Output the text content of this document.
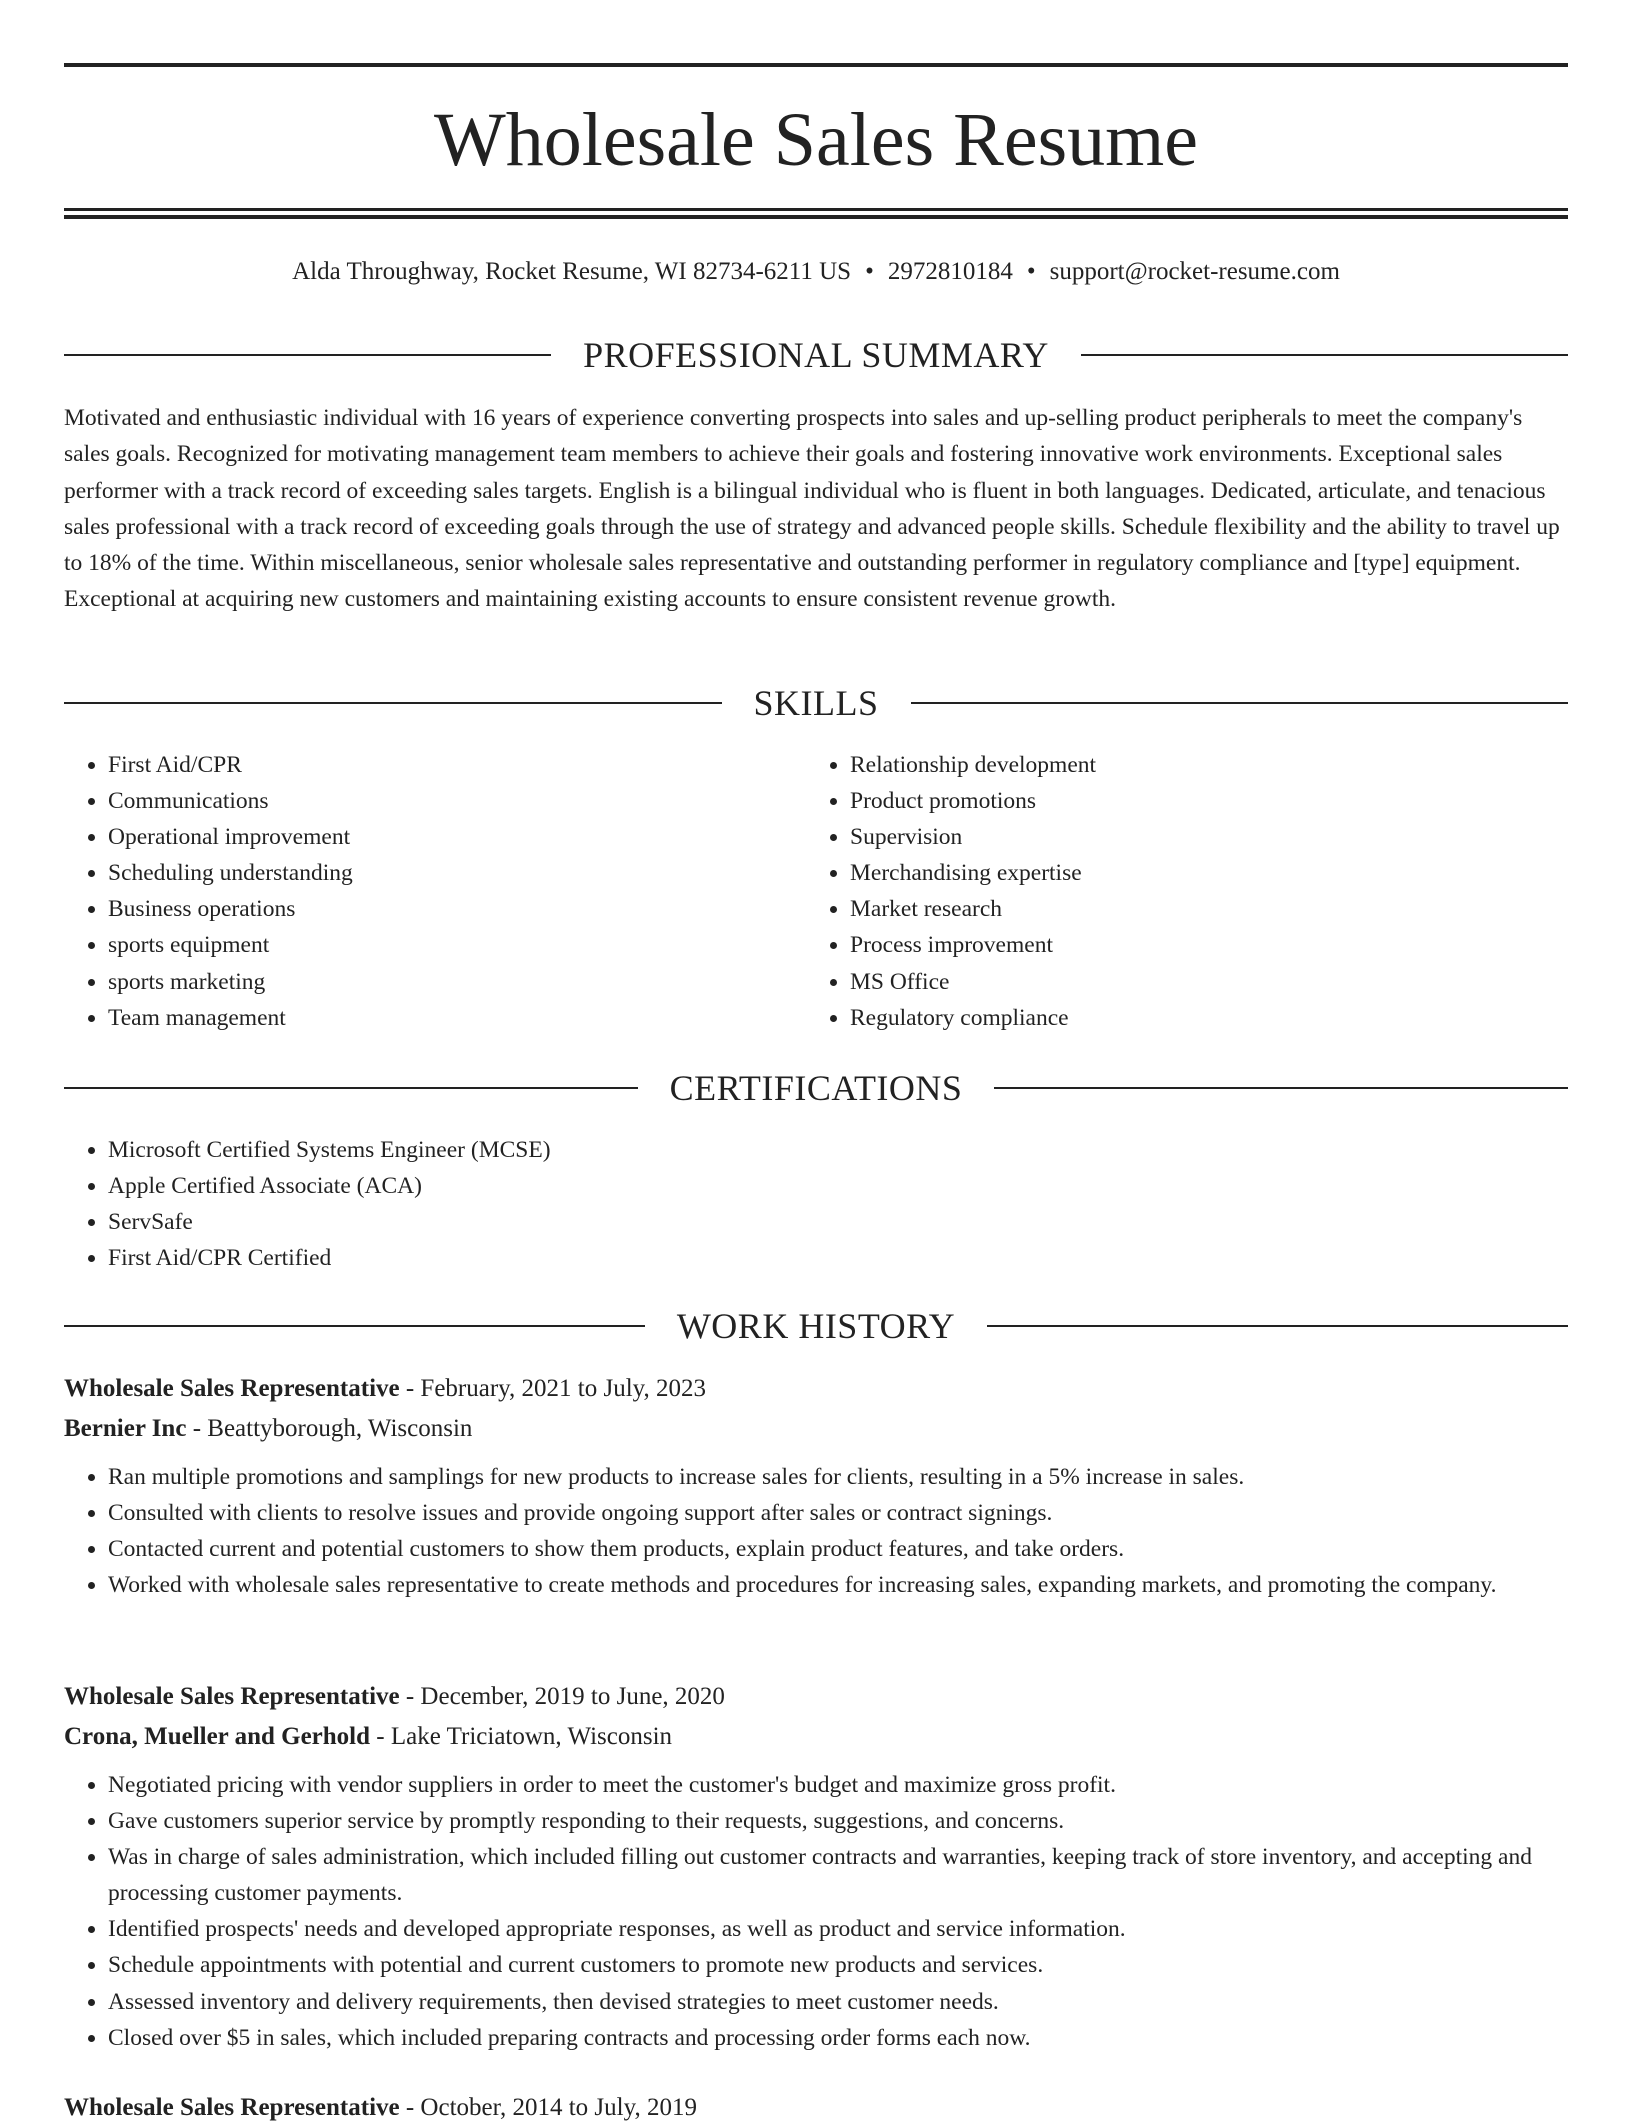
Wholesale Sales Resume
Alda Throughway, Rocket Resume, WI 82734-6211 US • 2972810184 • support@rocket-resume.com
PROFESSIONAL SUMMARY

Motivated and enthusiastic individual with 16 years of experience converting prospects into sales and up-selling product peripherals to meet the company's sales goals. Recognized for motivating management team members to achieve their goals and fostering innovative work environments. Exceptional sales performer with a track record of exceeding sales targets. English is a bilingual individual who is fluent in both languages. Dedicated, articulate, and tenacious sales professional with a track record of exceeding goals through the use of strategy and advanced people skills. Schedule flexibility and the ability to travel up to 18% of the time. Within miscellaneous, senior wholesale sales representative and outstanding performer in regulatory compliance and [type] equipment. Exceptional at acquiring new customers and maintaining existing accounts to ensure consistent revenue growth.

SKILLS
• First Aid/CPR
• Communications
• Operational improvement
• Scheduling understanding
• Business operations
• sports equipment
• sports marketing
• Team management
• Relationship development
• Product promotions
• Supervision
• Merchandising expertise
• Market research
• Process improvement
• MS Office
• Regulatory compliance
CERTIFICATIONS
• Microsoft Certified Systems Engineer (MCSE)
• Apple Certified Associate (ACA)
• ServSafe
• First Aid/CPR Certified
WORK HISTORY

Wholesale Sales Representative - February, 2021 to July, 2023

Bernier Inc - Beattyborough, Wisconsin

• Ran multiple promotions and samplings for new products to increase sales for clients, resulting in a 5% increase in sales.
• Consulted with clients to resolve issues and provide ongoing support after sales or contract signings.
• Contacted current and potential customers to show them products, explain product features, and take orders.
• Worked with wholesale sales representative to create methods and procedures for increasing sales, expanding markets, and promoting the company.

Wholesale Sales Representative - December, 2019 to June, 2020

Crona, Mueller and Gerhold - Lake Triciatown, Wisconsin

• Negotiated pricing with vendor suppliers in order to meet the customer's budget and maximize gross profit.
• Gave customers superior service by promptly responding to their requests, suggestions, and concerns.
• Was in charge of sales administration, which included filling out customer contracts and warranties, keeping track of store inventory, and accepting and processing customer payments.
• Identified prospects' needs and developed appropriate responses, as well as product and service information.
• Schedule appointments with potential and current customers to promote new products and services.
• Assessed inventory and delivery requirements, then devised strategies to meet customer needs.
• Closed over $5 in sales, which included preparing contracts and processing order forms each now.

Wholesale Sales Representative - October, 2014 to July, 2019
